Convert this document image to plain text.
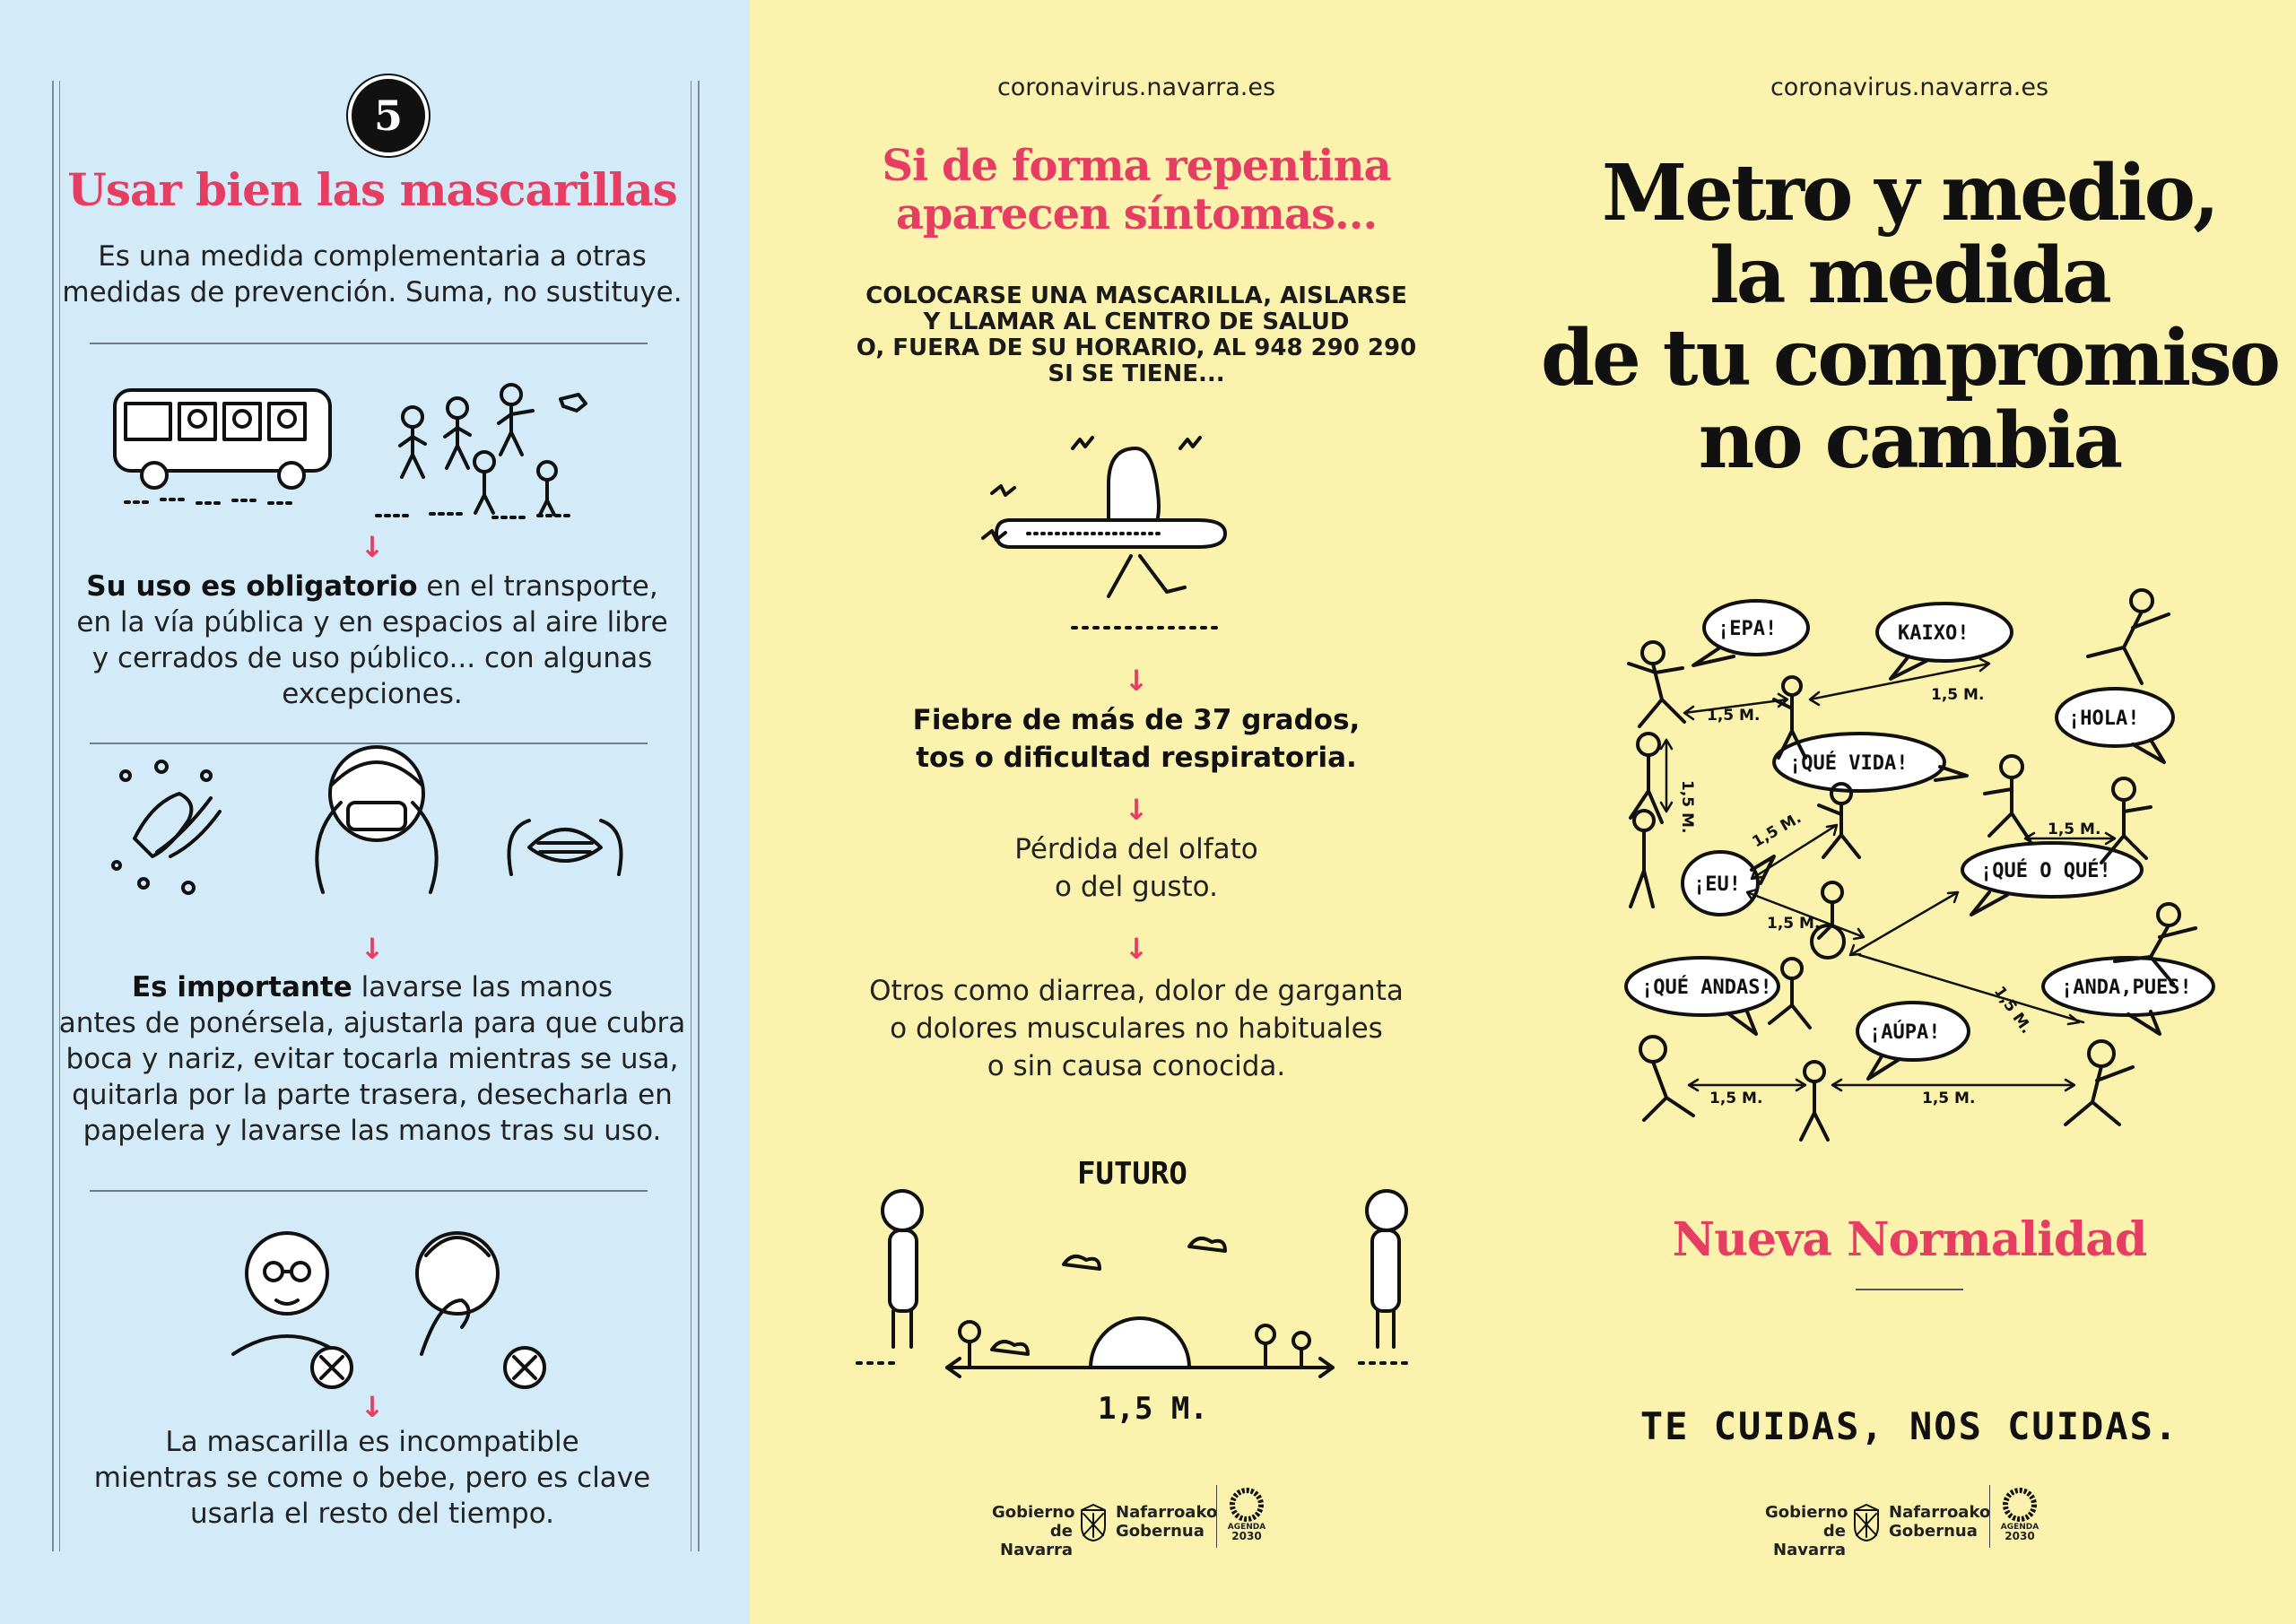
5
Usar bien las mascarillas
Es una medida complementaria a otras
medidas de prevención. Suma, no sustituye.
↓
Su uso es obligatorio en el transporte,
en la vía pública y en espacios al aire libre
y cerrados de uso público... con algunas
excepciones.
↓
Es importante lavarse las manos
antes de ponérsela, ajustarla para que cubra
boca y nariz, evitar tocarla mientras se usa,
quitarla por la parte trasera, desecharla en
papelera y lavarse las manos tras su uso.
↓
La mascarilla es incompatible
mientras se come o bebe, pero es clave
usarla el resto del tiempo.
coronavirus.navarra.es
Si de forma repentina
aparecen síntomas...
COLOCARSE UNA MASCARILLA, AISLARSE
Y LLAMAR AL CENTRO DE SALUD
O, FUERA DE SU HORARIO, AL 948 290 290
SI SE TIENE...
↓
Fiebre de más de 37 grados,
tos o dificultad respiratoria.
↓
Pérdida del olfato
o del gusto.
↓
Otros como diarrea, dolor de garganta
o dolores musculares no habituales
o sin causa conocida.
FUTURO
1,5 M.
Gobierno
de Navarra
Nafarroako
Gobernua	AGENDA
2030
coronavirus.navarra.es
Metro y medio,
la medida
de tu compromiso
no cambia
¡EPA!	KAIXO!
¡HOLA!
¡QUÉ VIDA!
¡EU!
¡QUÉ O QUÉ!
¡QUÉ ANDAS!
¡AÚPA!
¡ANDA,PUES!
1,5 M.
1,5 M.
1,5 M.	1,5 M.
1,5 M.
1,5 M.
1,5 M.
1,5 M.	1,5 M.
Nueva Normalidad
TE CUIDAS, NOS CUIDAS.
Gobierno
de Navarra
Nafarroako
Gobernua	AGENDA
2030
